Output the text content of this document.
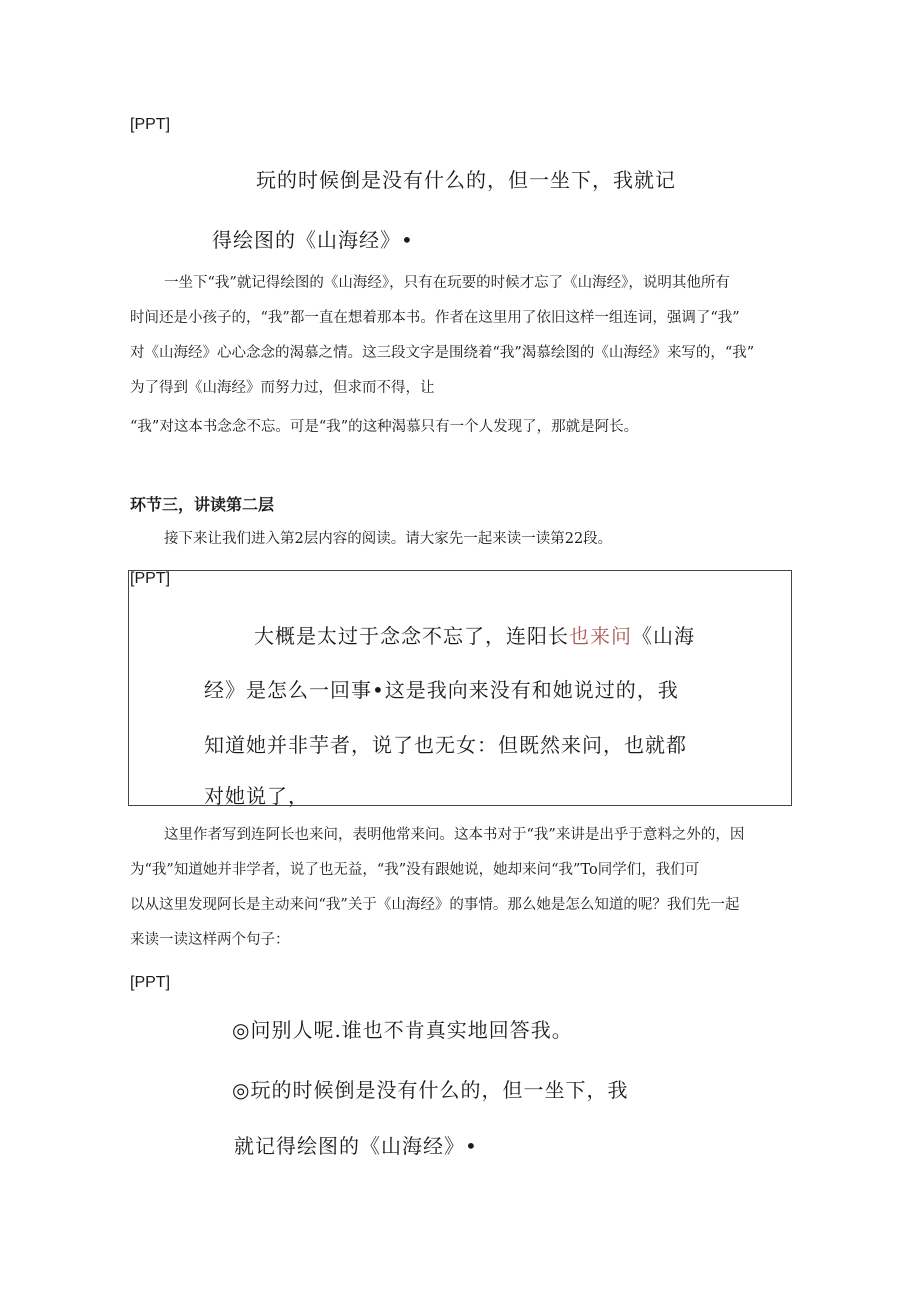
[PPT]
玩的时候倒是没有什么的，但一坐下，我就记
得绘图的《山海经》•
一坐下“我”就记得绘图的《山海经》，只有在玩要的时候才忘了《山海经》，说明其他所有
时间还是小孩子的，“我”都一直在想着那本书。作者在这里用了依旧这样一组连词，强调了“我”
对《山海经》心心念念的渴慕之情。这三段文字是围绕着“我”渴慕绘图的《山海经》来写的，“我”
为了得到《山海经》而努力过，但求而不得，让
“我”对这本书念念不忘。可是“我”的这种渴慕只有一个人发现了，那就是阿长。
环节三，讲读第二层
接下来让我们进入第2层内容的阅读。请大家先一起来读一读第22段。
[PPT]
大概是太过于念念不忘了，连阳长也来问《山海
经》是怎么一回事•这是我向来没有和她说过的，我
知道她并非芋者，说了也无女：但既然来问，也就都
对她说了，
这里作者写到连阿长也来问，表明他常来问。这本书对于“我”来讲是出乎于意料之外的，因
为“我”知道她并非学者，说了也无益，“我”没有跟她说，她却来问“我”To同学们，我们可
以从这里发现阿长是主动来问“我”关于《山海经》的事情。那么她是怎么知道的呢？我们先一起
来读一读这样两个句子：
[PPT]
◎问别人呢.谁也不肯真实地回答我。
◎玩的时候倒是没有什么的，但一坐下，我
就记得绘图的《山海经》•
